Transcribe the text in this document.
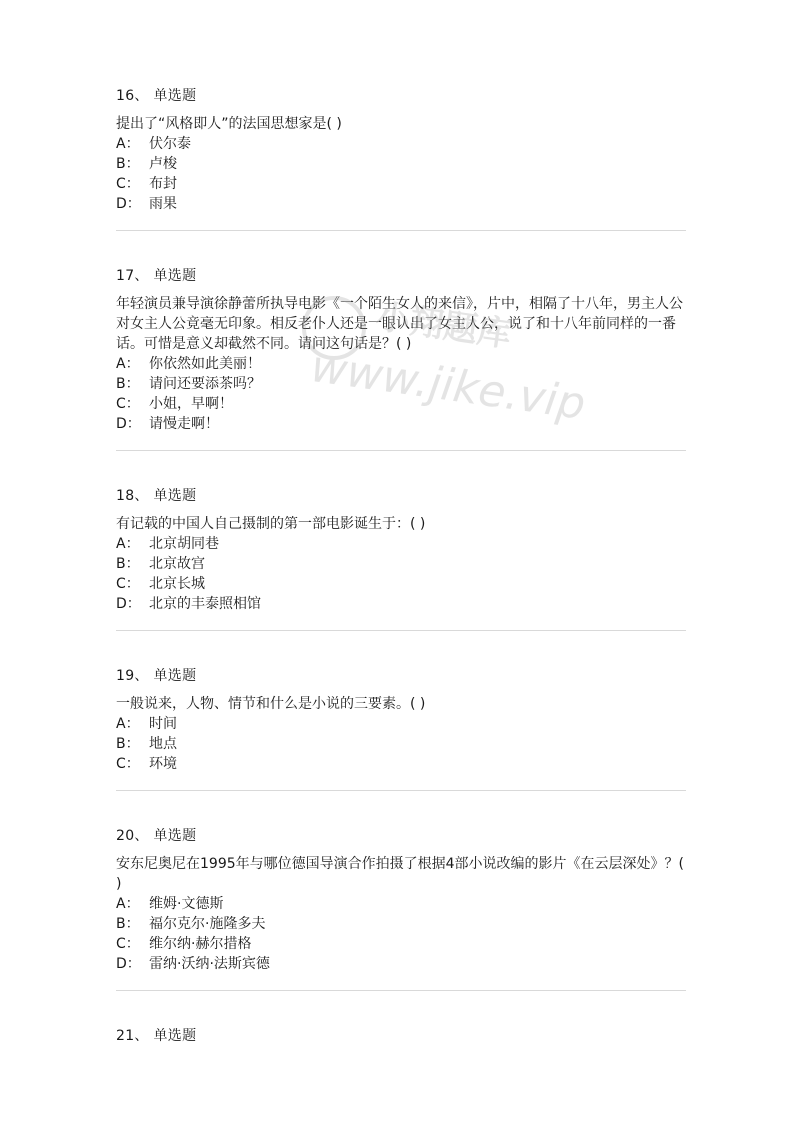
16、 单选题
提出了“风格即人”的法国思想家是( )
A： 伏尔泰
B： 卢梭
C： 布封
D： 雨果
17、 单选题
年轻演员兼导演徐静蕾所执导电影《一个陌生女人的来信》，片中，相隔了十八年，男主人公对女主人公竟毫无印象。相反老仆人还是一眼认出了女主人公，说了和十八年前同样的一番话。可惜是意义却截然不同。请问这句话是？( )
A： 你依然如此美丽！
B： 请问还要添茶吗？
C： 小姐，早啊！
D： 请慢走啊！
18、 单选题
有记载的中国人自己摄制的第一部电影诞生于：( )
A： 北京胡同巷
B： 北京故宫
C： 北京长城
D： 北京的丰泰照相馆
19、 单选题
一般说来，人物、情节和什么是小说的三要素。( )
A： 时间
B： 地点
C： 环境
20、 单选题
安东尼奥尼在1995年与哪位德国导演合作拍摄了根据4部小说改编的影片《在云层深处》？( )
A： 维姆·文德斯
B： 福尔克尔·施隆多夫
C： 维尔纳·赫尔措格
D： 雷纳·沃纳·法斯宾德
21、 单选题
小翔题库
www.jike.vip
